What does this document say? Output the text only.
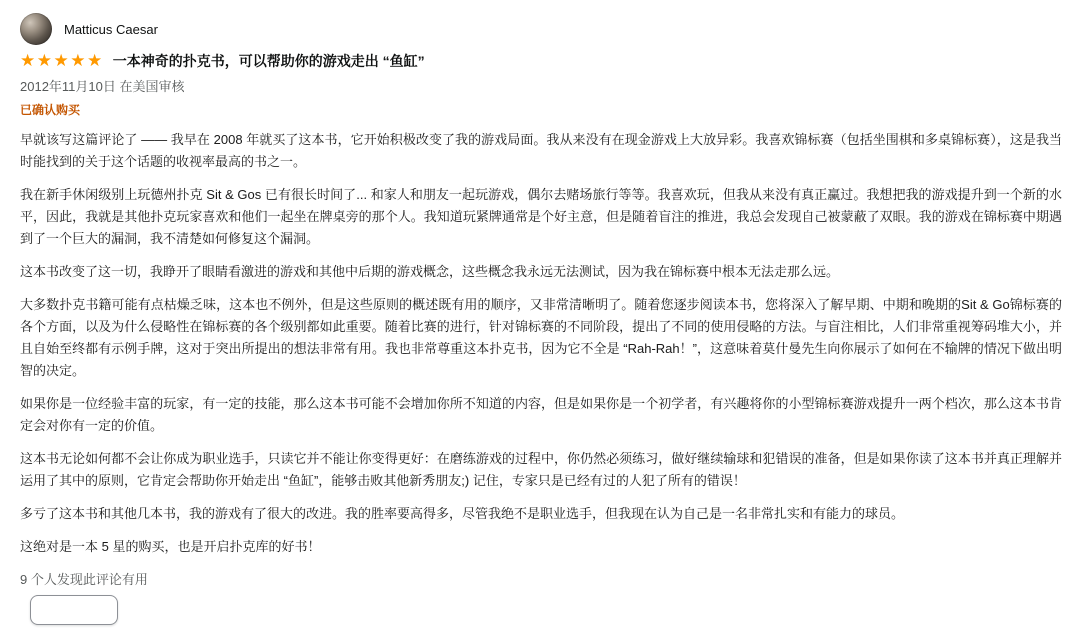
Matticus Caesar
★★★★★ 一本神奇的扑克书，可以帮助你的游戏走出 “鱼缸”
2012年11月10日 在美国审核
已确认购买

早就该写这篇评论了 —— 我早在 2008 年就买了这本书，它开始积极改变了我的游戏局面。我从来没有在现金游戏上大放异彩。我喜欢锦标赛（包括坐围棋和多桌锦标赛），这是我当时能找到的关于这个话题的收视率最高的书之一。

我在新手休闲级别上玩德州扑克 Sit & Gos 已有很长时间了... 和家人和朋友一起玩游戏，偶尔去赌场旅行等等。我喜欢玩，但我从来没有真正赢过。我想把我的游戏提升到一个新的水平，因此，我就是其他扑克玩家喜欢和他们一起坐在牌桌旁的那个人。我知道玩紧牌通常是个好主意，但是随着盲注的推进，我总会发现自己被蒙蔽了双眼。我的游戏在锦标赛中期遇到了一个巨大的漏洞，我不清楚如何修复这个漏洞。

这本书改变了这一切，我睁开了眼睛看激进的游戏和其他中后期的游戏概念，这些概念我永远无法测试，因为我在锦标赛中根本无法走那么远。

大多数扑克书籍可能有点枯燥乏味，这本也不例外，但是这些原则的概述既有用的顺序，又非常清晰明了。随着您逐步阅读本书，您将深入了解早期、中期和晚期的Sit & Go锦标赛的各个方面，以及为什么侵略性在锦标赛的各个级别都如此重要。随着比赛的进行，针对锦标赛的不同阶段，提出了不同的使用侵略的方法。与盲注相比，人们非常重视筹码堆大小，并且自始至终都有示例手牌，这对于突出所提出的想法非常有用。我也非常尊重这本扑克书，因为它不全是 “Rah-Rah！”，这意味着莫什曼先生向你展示了如何在不输牌的情况下做出明智的决定。

如果你是一位经验丰富的玩家，有一定的技能，那么这本书可能不会增加你所不知道的内容，但是如果你是一个初学者，有兴趣将你的小型锦标赛游戏提升一两个档次，那么这本书肯定会对你有一定的价值。

这本书无论如何都不会让你成为职业选手，只读它并不能让你变得更好：在磨练游戏的过程中，你仍然必须练习，做好继续输球和犯错误的准备，但是如果你读了这本书并真正理解并运用了其中的原则，它肯定会帮助你开始走出 “鱼缸”，能够击败其他新秀朋友;) 记住，专家只是已经有过的人犯了所有的错误！

多亏了这本书和其他几本书，我的游戏有了很大的改进。我的胜率要高得多，尽管我绝不是职业选手，但我现在认为自己是一名非常扎实和有能力的球员。

这绝对是一本 5 星的购买，也是开启扑克库的好书！

9 个人发现此评论有用
